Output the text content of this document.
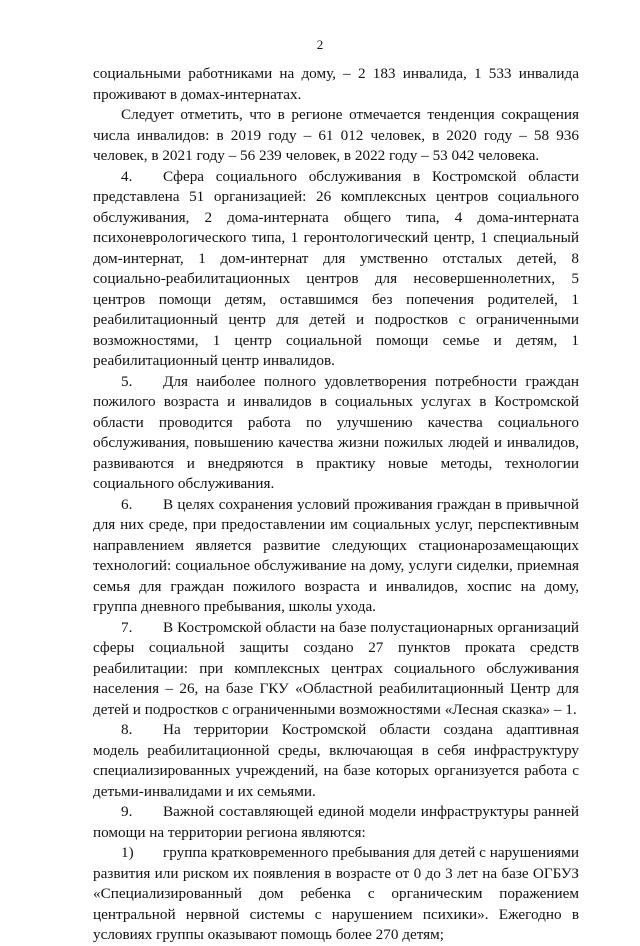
2

социальными работниками на дому, – 2 183 инвалида, 1 533 инвалида проживают в домах-интернатах.

Следует отметить, что в регионе отмечается тенденция сокращения числа инвалидов: в 2019 году – 61 012 человек, в 2020 году – 58 936 человек, в 2021 году – 56 239 человек, в 2022 году – 53 042 человека.

4. Сфера социального обслуживания в Костромской области представлена 51 организацией: 26 комплексных центров социального обслуживания, 2 дома-интерната общего типа, 4 дома-интерната психоневрологического типа, 1 геронтологический центр, 1 специальный дом-интернат, 1 дом-интернат для умственно отсталых детей, 8 социально-реабилитационных центров для несовершеннолетних, 5 центров помощи детям, оставшимся без попечения родителей, 1 реабилитационный центр для детей и подростков с ограниченными возможностями, 1 центр социальной помощи семье и детям, 1 реабилитационный центр инвалидов.

5. Для наиболее полного удовлетворения потребности граждан пожилого возраста и инвалидов в социальных услугах в Костромской области проводится работа по улучшению качества социального обслуживания, повышению качества жизни пожилых людей и инвалидов, развиваются и внедряются в практику новые методы, технологии социального обслуживания.

6. В целях сохранения условий проживания граждан в привычной для них среде, при предоставлении им социальных услуг, перспективным направлением является развитие следующих стационарозамещающих технологий: социальное обслуживание на дому, услуги сиделки, приемная семья для граждан пожилого возраста и инвалидов, хоспис на дому, группа дневного пребывания, школы ухода.

7. В Костромской области на базе полустационарных организаций сферы социальной защиты создано 27 пунктов проката средств реабилитации: при комплексных центрах социального обслуживания населения – 26, на базе ГКУ «Областной реабилитационный Центр для детей и подростков с ограниченными возможностями «Лесная сказка» – 1.

8. На территории Костромской области создана адаптивная модель реабилитационной среды, включающая в себя инфраструктуру специализированных учреждений, на базе которых организуется работа с детьми-инвалидами и их семьями.

9. Важной составляющей единой модели инфраструктуры ранней помощи на территории региона являются:

1) группа кратковременного пребывания для детей с нарушениями развития или риском их появления в возрасте от 0 до 3 лет на базе ОГБУЗ «Специализированный дом ребенка с органическим поражением центральной нервной системы с нарушением психики». Ежегодно в условиях группы оказывают помощь более 270 детям;
